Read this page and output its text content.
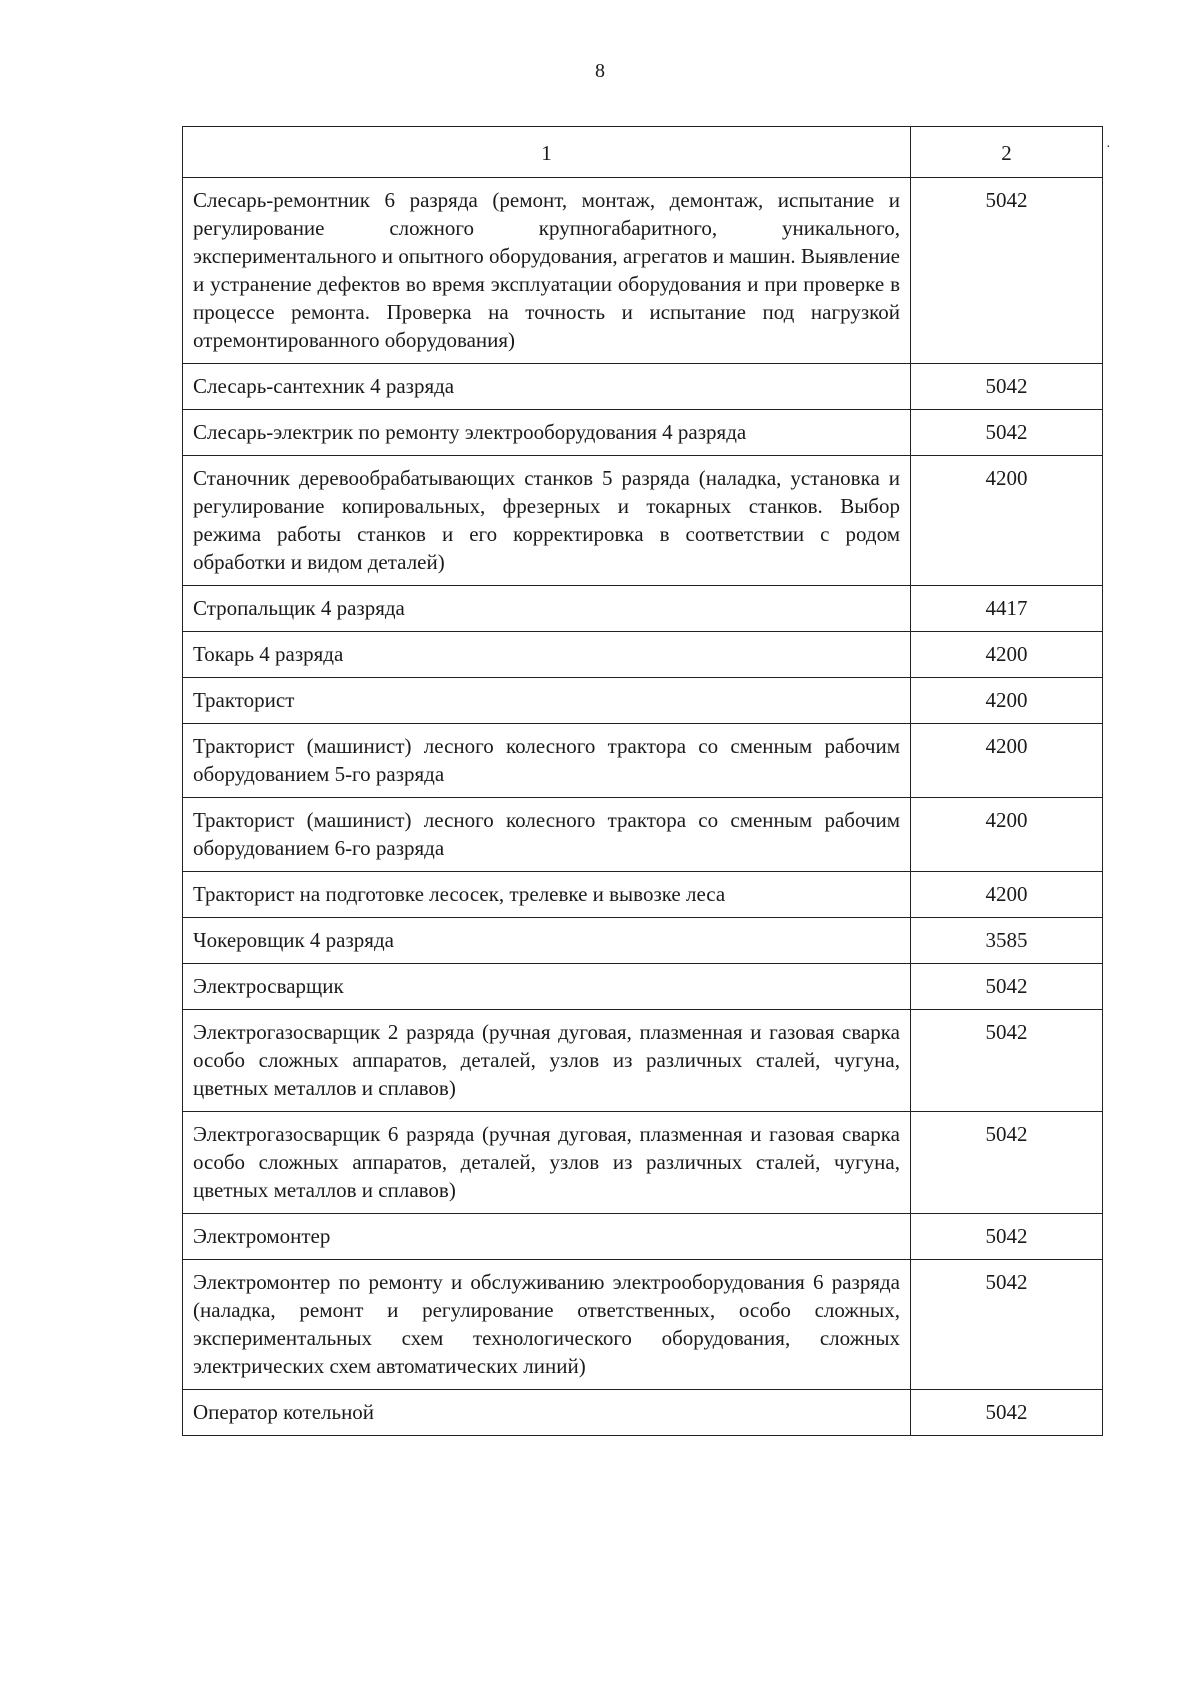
8
·
1	2
Слесарь-ремонтник 6 разряда (ремонт, монтаж, демонтаж, испытание и регулирование сложного крупногабаритного, уникального, экспериментального и опытного оборудования, агрегатов и машин. Выявление и устранение дефектов во время эксплуатации оборудования и при проверке в процессе ремонта. Проверка на точность и испытание под нагрузкой отремонтированного оборудования)	5042
Слесарь-сантехник 4 разряда	5042
Слесарь-электрик по ремонту электрооборудования 4 разряда	5042
Станочник деревообрабатывающих станков 5 разряда (наладка, установка и регулирование копировальных, фрезерных и токарных станков. Выбор режима работы станков и его корректировка в соответствии с родом обработки и видом деталей)	4200
Стропальщик 4 разряда	4417
Токарь 4 разряда	4200
Тракторист	4200
Тракторист (машинист) лесного колесного трактора со сменным рабочим оборудованием 5-го разряда	4200
Тракторист (машинист) лесного колесного трактора со сменным рабочим оборудованием 6-го разряда	4200
Тракторист на подготовке лесосек, трелевке и вывозке леса	4200
Чокеровщик 4 разряда	3585
Электросварщик	5042
Электрогазосварщик 2 разряда (ручная дуговая, плазменная и газовая сварка особо сложных аппаратов, деталей, узлов из различных сталей, чугуна, цветных металлов и сплавов)	5042
Электрогазосварщик 6 разряда (ручная дуговая, плазменная и газовая сварка особо сложных аппаратов, деталей, узлов из различных сталей, чугуна, цветных металлов и сплавов)	5042
Электромонтер	5042
Электромонтер по ремонту и обслуживанию электрооборудования 6 разряда (наладка, ремонт и регулирование ответственных, особо сложных, экспериментальных схем технологического оборудования, сложных электрических схем автоматических линий)	5042
Оператор котельной	5042
